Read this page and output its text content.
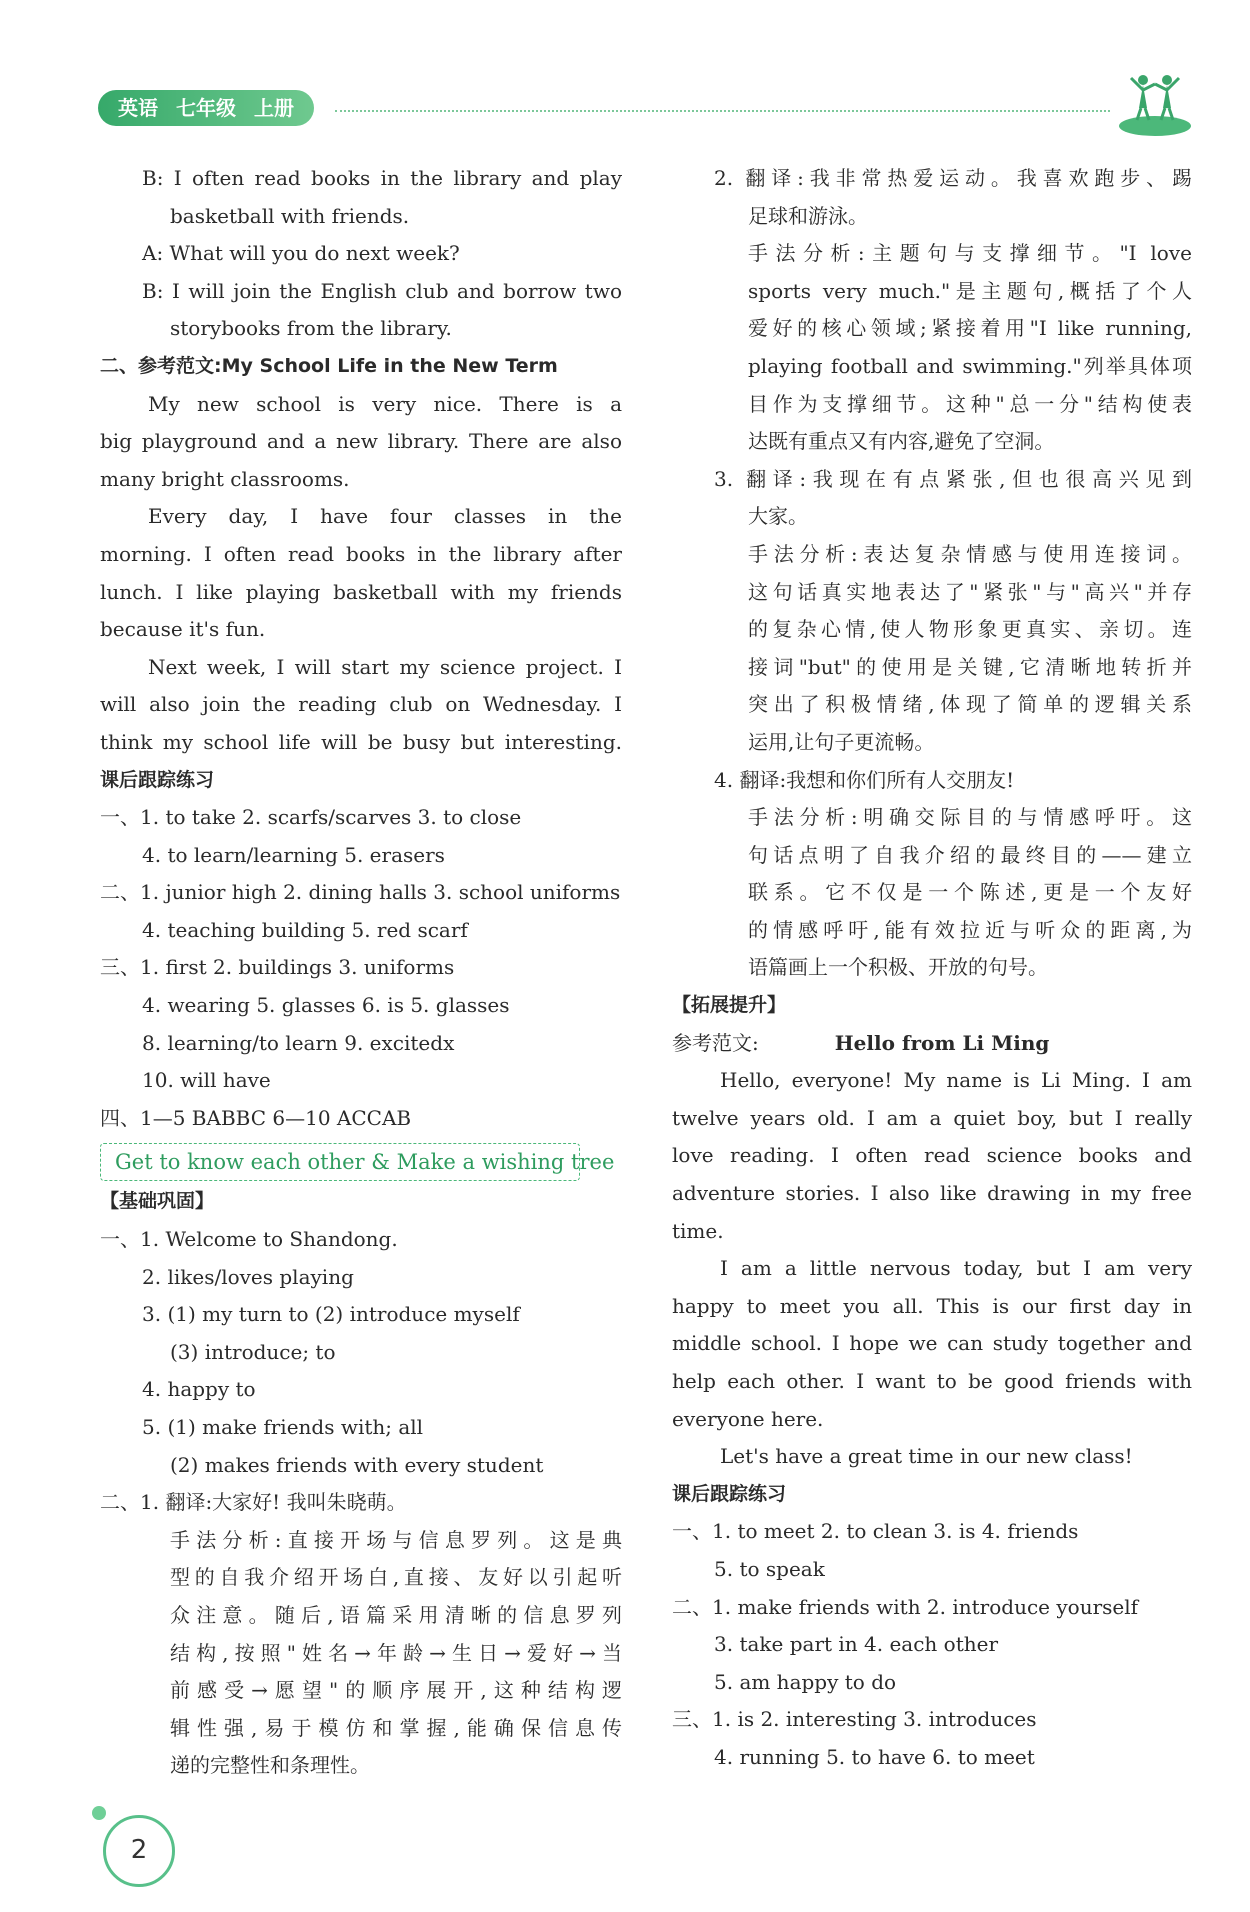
英语 七年级 上册
B: I often read books in the library and play
basketball with friends.
A: What will you do next week?
B: I will join the English club and borrow two
storybooks from the library.
二、参考范文:My School Life in the New Term
My new school is very nice. There is a
big playground and a new library. There are also
many bright classrooms.
Every day, I have four classes in the
morning. I often read books in the library after
lunch. I like playing basketball with my friends
because it's fun.
Next week, I will start my science project. I
will also join the reading club on Wednesday. I
think my school life will be busy but interesting.
课后跟踪练习
一、1. to take 2. scarfs/scarves 3. to close
4. to learn/learning 5. erasers
二、1. junior high 2. dining halls 3. school uniforms
4. teaching building 5. red scarf
三、1. first 2. buildings 3. uniforms
4. wearing 5. glasses 6. is 5. glasses
8. learning/to learn 9. excitedx
10. will have
四、1—5 BABBC 6—10 ACCAB
Get to know each other & Make a wishing tree
【基础巩固】
一、1. Welcome to Shandong.
2. likes/loves playing
3. (1) my turn to (2) introduce myself
(3) introduce; to
4. happy to
5. (1) make friends with; all
(2) makes friends with every student
二、1. 翻译:大家好! 我叫朱晓萌。
手法分析:直接开场与信息罗列。这是典
型的自我介绍开场白,直接、友好以引起听
众注意。随后,语篇采用清晰的信息罗列
结构,按照"姓名→年龄→生日→爱好→当
前感受→愿望"的顺序展开,这种结构逻
辑性强,易于模仿和掌握,能确保信息传
递的完整性和条理性。
2. 翻译:我非常热爱运动。我喜欢跑步、踢
足球和游泳。
手法分析:主题句与支撑细节。"I love
sports very much."是主题句,概括了个人
爱好的核心领域;紧接着用"I like running,
playing football and swimming."列举具体项
目作为支撑细节。这种"总一分"结构使表
达既有重点又有内容,避免了空洞。
3. 翻译:我现在有点紧张,但也很高兴见到
大家。
手法分析:表达复杂情感与使用连接词。
这句话真实地表达了"紧张"与"高兴"并存
的复杂心情,使人物形象更真实、亲切。连
接词"but"的使用是关键,它清晰地转折并
突出了积极情绪,体现了简单的逻辑关系
运用,让句子更流畅。
4. 翻译:我想和你们所有人交朋友!
手法分析:明确交际目的与情感呼吁。这
句话点明了自我介绍的最终目的——建立
联系。它不仅是一个陈述,更是一个友好
的情感呼吁,能有效拉近与听众的距离,为
语篇画上一个积极、开放的句号。
【拓展提升】
参考范文:	Hello from Li Ming
Hello, everyone! My name is Li Ming. I am
twelve years old. I am a quiet boy, but I really
love reading. I often read science books and
adventure stories. I also like drawing in my free
time.
I am a little nervous today, but I am very
happy to meet you all. This is our first day in
middle school. I hope we can study together and
help each other. I want to be good friends with
everyone here.
Let's have a great time in our new class!
课后跟踪练习
一、1. to meet 2. to clean 3. is 4. friends
5. to speak
二、1. make friends with 2. introduce yourself
3. take part in 4. each other
5. am happy to do
三、1. is 2. interesting 3. introduces
4. running 5. to have 6. to meet
2
